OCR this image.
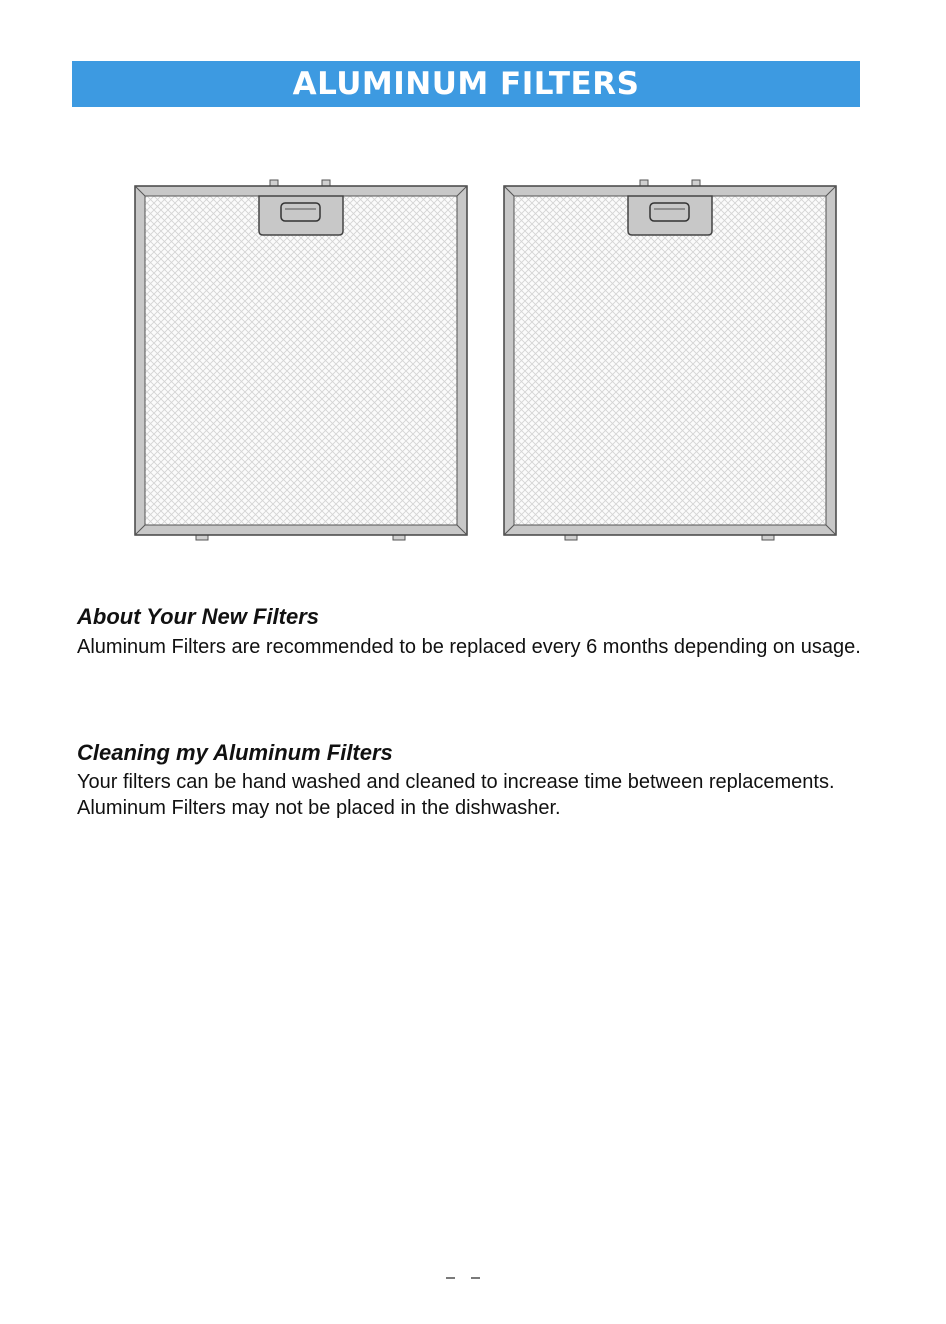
ALUMINUM FILTERS
About Your New Filters

Aluminum Filters are recommended to be replaced every 6 months depending on usage.

Cleaning my Aluminum Filters

Your filters can be hand washed and cleaned to increase time between replacements. Aluminum Filters may not be placed in the dishwasher.
